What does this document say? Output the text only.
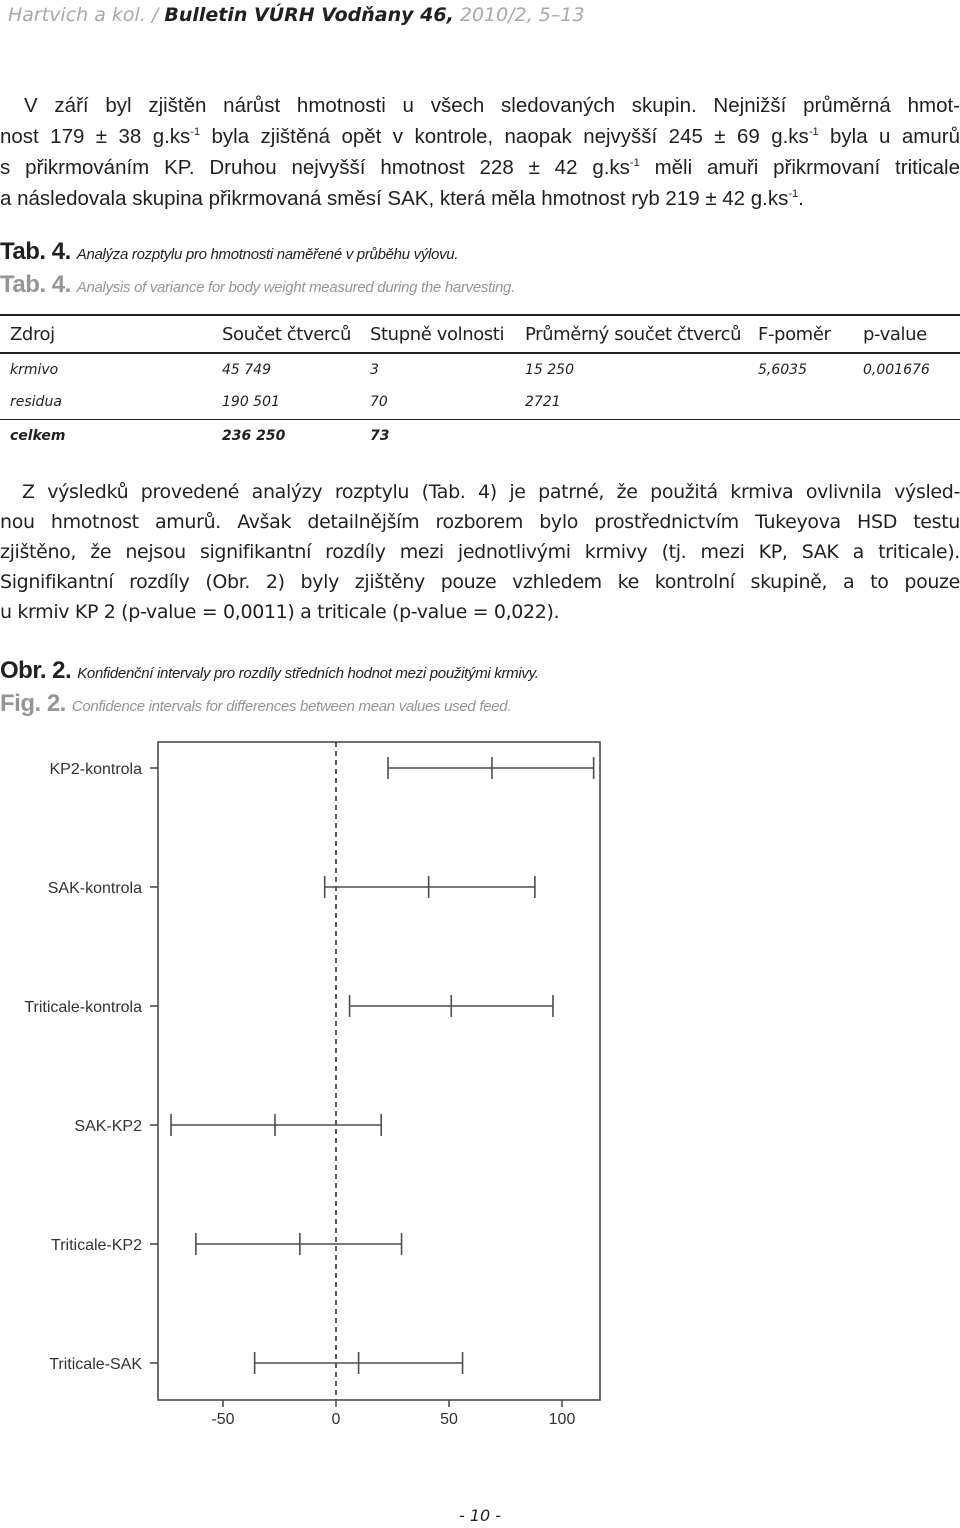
Hartvich a kol. / Bulletin VÚRH Vodňany 46, 2010/2, 5–13
V září byl zjištěn nárůst hmotnosti u všech sledovaných skupin. Nejnižší průměrná hmot-
nost 179 ± 38 $g.ks^{-1}$ byla zjištěná opět v kontrole, naopak nejvyšší 245 ± 69 $g.ks^{-1}$ byla u amurů
s přikrmováním KP. Druhou nejvyšší hmotnost 228 ± 42 $g.ks^{-1}$ měli amuři přikrmovaní triticale
a následovala skupina přikrmovaná směsí SAK, která měla hmotnost ryb 219 ± 42 $g.ks^{-1}$.
Tab. 4. Analýza rozptylu pro hmotnosti naměřené v průběhu výlovu.
Tab. 4. Analysis of variance for body weight measured during the harvesting.
Zdroj	Součet čtverců	Stupně volnosti	Průměrný součet čtverců	F-poměr	p-value
krmivo	45 749	3	15 250	5,6035	0,001676
residua	190 501	70	2721		
celkem	236 250	73			
Z výsledků provedené analýzy rozptylu (Tab. 4) je patrné, že použitá krmiva ovlivnila výsled-
nou hmotnost amurů. Avšak detailnějším rozborem bylo prostřednictvím Tukeyova HSD testu
zjištěno, že nejsou signifikantní rozdíly mezi jednotlivými krmivy (tj. mezi KP, SAK a triticale).
Signifikantní rozdíly (Obr. 2) byly zjištěny pouze vzhledem ke kontrolní skupině, a to pouze
u krmiv KP 2 (p-value = 0,0011) a triticale (p-value = 0,022).
Obr. 2. Konfidenční intervaly pro rozdíly středních hodnot mezi použitými krmivy.
Fig. 2. Confidence intervals for differences between mean values used feed.
KP2-kontrola
SAK-kontrola
Triticale-kontrola
SAK-KP2
Triticale-KP2
Triticale-SAK
-50	0	50	100
- 10 -
